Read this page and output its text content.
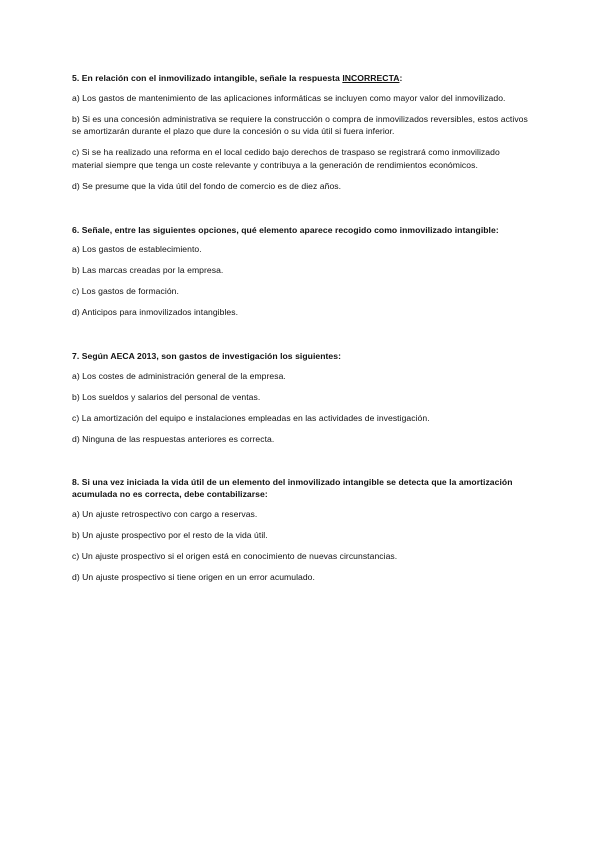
5. En relación con el inmovilizado intangible, señale la respuesta INCORRECTA:

a) Los gastos de mantenimiento de las aplicaciones informáticas se incluyen como mayor valor del inmovilizado.

b) Si es una concesión administrativa se requiere la construcción o compra de inmovilizados reversibles, estos activos se amortizarán durante el plazo que dure la concesión o su vida útil si fuera inferior.

c) Si se ha realizado una reforma en el local cedido bajo derechos de traspaso se registrará como inmovilizado material siempre que tenga un coste relevante y contribuya a la generación de rendimientos económicos.

d) Se presume que la vida útil del fondo de comercio es de diez años.

6. Señale, entre las siguientes opciones, qué elemento aparece recogido como inmovilizado intangible:

a) Los gastos de establecimiento.

b) Las marcas creadas por la empresa.

c) Los gastos de formación.

d) Anticipos para inmovilizados intangibles.

7. Según AECA 2013, son gastos de investigación los siguientes:

a) Los costes de administración general de la empresa.

b) Los sueldos y salarios del personal de ventas.

c) La amortización del equipo e instalaciones empleadas en las actividades de investigación.

d) Ninguna de las respuestas anteriores es correcta.

8. Si una vez iniciada la vida útil de un elemento del inmovilizado intangible se detecta que la amortización acumulada no es correcta, debe contabilizarse:

a) Un ajuste retrospectivo con cargo a reservas.

b) Un ajuste prospectivo por el resto de la vida útil.

c) Un ajuste prospectivo si el origen está en conocimiento de nuevas circunstancias.

d) Un ajuste prospectivo si tiene origen en un error acumulado.
